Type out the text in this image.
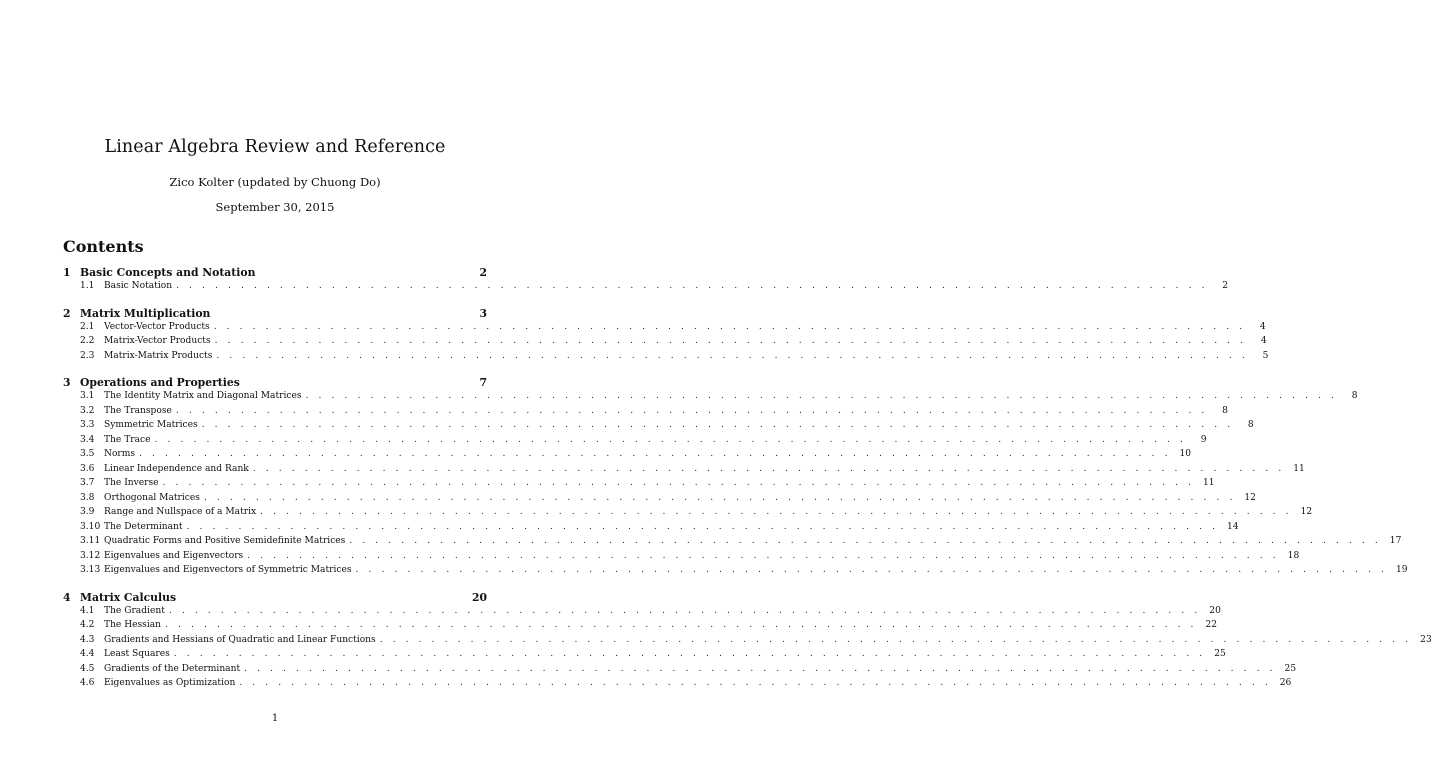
Linear Algebra Review and Reference
Zico Kolter (updated by Chuong Do)
September 30, 2015
Contents
1 Basic Concepts and Notation	2
1.1	Basic Notation . . . . . . . . . . . . . . . . . . . . . . . . . . . . . . . . . . . . . . . . . . . . . . . . . . . . . . . . . . . . . . . . . . . . . . . . . . . . . . . .	2
2 Matrix Multiplication	3
2.1	Vector-Vector Products . . . . . . . . . . . . . . . . . . . . . . . . . . . . . . . . . . . . . . . . . . . . . . . . . . . . . . . . . . . . . . . . . . . . . . . . . . . . . . . .	4
2.2	Matrix-Vector Products . . . . . . . . . . . . . . . . . . . . . . . . . . . . . . . . . . . . . . . . . . . . . . . . . . . . . . . . . . . . . . . . . . . . . . . . . . . . . . . .	4
2.3	Matrix-Matrix Products . . . . . . . . . . . . . . . . . . . . . . . . . . . . . . . . . . . . . . . . . . . . . . . . . . . . . . . . . . . . . . . . . . . . . . . . . . . . . . . .	5
3 Operations and Properties	7
3.1	The Identity Matrix and Diagonal Matrices . . . . . . . . . . . . . . . . . . . . . . . . . . . . . . . . . . . . . . . . . . . . . . . . . . . . . . . . . . . . . . . . . . . . . . . . . . . . . . . .	8
3.2	The Transpose . . . . . . . . . . . . . . . . . . . . . . . . . . . . . . . . . . . . . . . . . . . . . . . . . . . . . . . . . . . . . . . . . . . . . . . . . . . . . . . .	8
3.3	Symmetric Matrices . . . . . . . . . . . . . . . . . . . . . . . . . . . . . . . . . . . . . . . . . . . . . . . . . . . . . . . . . . . . . . . . . . . . . . . . . . . . . . . .	8
3.4	The Trace . . . . . . . . . . . . . . . . . . . . . . . . . . . . . . . . . . . . . . . . . . . . . . . . . . . . . . . . . . . . . . . . . . . . . . . . . . . . . . . .	9
3.5	Norms . . . . . . . . . . . . . . . . . . . . . . . . . . . . . . . . . . . . . . . . . . . . . . . . . . . . . . . . . . . . . . . . . . . . . . . . . . . . . . . . 10
3.6	Linear Independence and Rank . . . . . . . . . . . . . . . . . . . . . . . . . . . . . . . . . . . . . . . . . . . . . . . . . . . . . . . . . . . . . . . . . . . . . . . . . . . . . . . . 11
3.7	The Inverse . . . . . . . . . . . . . . . . . . . . . . . . . . . . . . . . . . . . . . . . . . . . . . . . . . . . . . . . . . . . . . . . . . . . . . . . . . . . . . . . 11
3.8	Orthogonal Matrices . . . . . . . . . . . . . . . . . . . . . . . . . . . . . . . . . . . . . . . . . . . . . . . . . . . . . . . . . . . . . . . . . . . . . . . . . . . . . . . . 12
3.9	Range and Nullspace of a Matrix . . . . . . . . . . . . . . . . . . . . . . . . . . . . . . . . . . . . . . . . . . . . . . . . . . . . . . . . . . . . . . . . . . . . . . . . . . . . . . . . 12
3.10 The Determinant . . . . . . . . . . . . . . . . . . . . . . . . . . . . . . . . . . . . . . . . . . . . . . . . . . . . . . . . . . . . . . . . . . . . . . . . . . . . . . . . 14
3.11 Quadratic Forms and Positive Semidefinite Matrices . . . . . . . . . . . . . . . . . . . . . . . . . . . . . . . . . . . . . . . . . . . . . . . . . . . . . . . . . . . . . . . . . . . . . . . . . . . . . . . . 17
3.12 Eigenvalues and Eigenvectors . . . . . . . . . . . . . . . . . . . . . . . . . . . . . . . . . . . . . . . . . . . . . . . . . . . . . . . . . . . . . . . . . . . . . . . . . . . . . . . . 18
3.13 Eigenvalues and Eigenvectors of Symmetric Matrices . . . . . . . . . . . . . . . . . . . . . . . . . . . . . . . . . . . . . . . . . . . . . . . . . . . . . . . . . . . . . . . . . . . . . . . . . . . . . . . . 19
4 Matrix Calculus	20
4.1	The Gradient . . . . . . . . . . . . . . . . . . . . . . . . . . . . . . . . . . . . . . . . . . . . . . . . . . . . . . . . . . . . . . . . . . . . . . . . . . . . . . . . 20
4.2	The Hessian . . . . . . . . . . . . . . . . . . . . . . . . . . . . . . . . . . . . . . . . . . . . . . . . . . . . . . . . . . . . . . . . . . . . . . . . . . . . . . . . 22
4.3	Gradients and Hessians of Quadratic and Linear Functions . . . . . . . . . . . . . . . . . . . . . . . . . . . . . . . . . . . . . . . . . . . . . . . . . . . . . . . . . . . . . . . . . . . . . . . . . . . . . . . . 23
4.4	Least Squares . . . . . . . . . . . . . . . . . . . . . . . . . . . . . . . . . . . . . . . . . . . . . . . . . . . . . . . . . . . . . . . . . . . . . . . . . . . . . . . . 25
4.5	Gradients of the Determinant . . . . . . . . . . . . . . . . . . . . . . . . . . . . . . . . . . . . . . . . . . . . . . . . . . . . . . . . . . . . . . . . . . . . . . . . . . . . . . . . 25
4.6	Eigenvalues as Optimization . . . . . . . . . . . . . . . . . . . . . . . . . . . . . . . . . . . . . . . . . . . . . . . . . . . . . . . . . . . . . . . . . . . . . . . . . . . . . . . . 26
1
